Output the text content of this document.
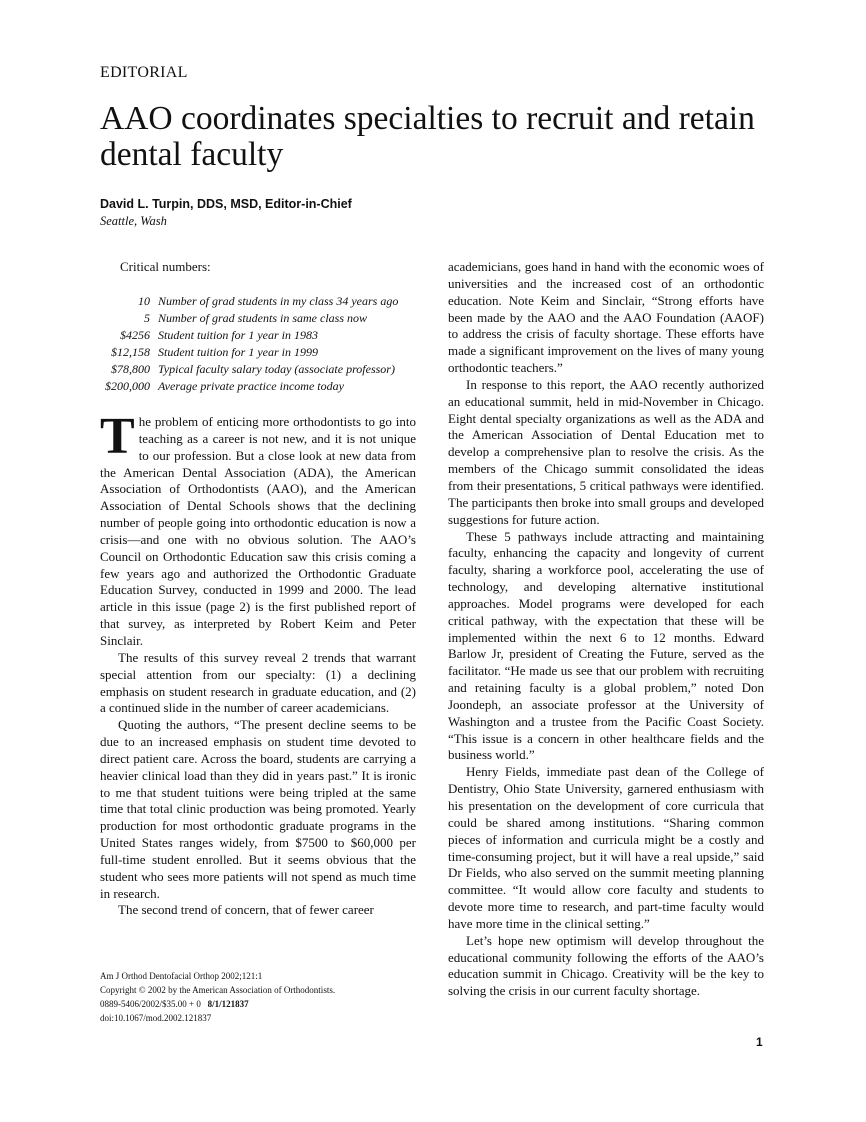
EDITORIAL
AAO coordinates specialties to recruit and retain dental faculty
David L. Turpin, DDS, MSD, Editor-in-Chief
Seattle, Wash
Critical numbers:
10	Number of grad students in my class 34 years ago
5	Number of grad students in same class now
$4256	Student tuition for 1 year in 1983
$12,158	Student tuition for 1 year in 1999
$78,800	Typical faculty salary today (associate professor)
$200,000	Average private practice income today

The problem of enticing more orthodontists to go into teaching as a career is not new, and it is not unique to our profession. But a close look at new data from the American Dental Association (ADA), the American Association of Orthodontists (AAO), and the American Association of Dental Schools shows that the declining number of people going into orthodontic education is now a crisis—and one with no obvious solution. The AAO’s Council on Orthodontic Education saw this crisis coming a few years ago and authorized the Orthodontic Graduate Education Survey, conducted in 1999 and 2000. The lead article in this issue (page 2) is the first published report of that survey, as interpreted by Robert Keim and Peter Sinclair.

The results of this survey reveal 2 trends that warrant special attention from our specialty: (1) a declining emphasis on student research in graduate education, and (2) a continued slide in the number of career academicians.

Quoting the authors, “The present decline seems to be due to an increased emphasis on student time devoted to direct patient care. Across the board, students are carrying a heavier clinical load than they did in years past.” It is ironic to me that student tuitions were being tripled at the same time that total clinic production was being promoted. Yearly production for most orthodontic graduate programs in the United States ranges widely, from $7500 to $60,000 per full-time student enrolled. But it seems obvious that the student who sees more patients will not spend as much time in research.

The second trend of concern, that of fewer career

academicians, goes hand in hand with the economic woes of universities and the increased cost of an orthodontic education. Note Keim and Sinclair, “Strong efforts have been made by the AAO and the AAO Foundation (AAOF) to address the crisis of faculty shortage. These efforts have made a significant improvement on the lives of many young orthodontic teachers.”

In response to this report, the AAO recently authorized an educational summit, held in mid-November in Chicago. Eight dental specialty organizations as well as the ADA and the American Association of Dental Education met to develop a comprehensive plan to resolve the crisis. As the members of the Chicago summit consolidated the ideas from their presentations, 5 critical pathways were identified. The participants then broke into small groups and developed suggestions for future action.

These 5 pathways include attracting and maintaining faculty, enhancing the capacity and longevity of current faculty, sharing a workforce pool, accelerating the use of technology, and developing alternative institutional approaches. Model programs were developed for each critical pathway, with the expectation that these will be implemented within the next 6 to 12 months. Edward Barlow Jr, president of Creating the Future, served as the facilitator. “He made us see that our problem with recruiting and retaining faculty is a global problem,” noted Don Joondeph, an associate professor at the University of Washington and a trustee from the Pacific Coast Society. “This issue is a concern in other healthcare fields and the business world.”

Henry Fields, immediate past dean of the College of Dentistry, Ohio State University, garnered enthusiasm with his presentation on the development of core curricula that could be shared among institutions. “Sharing common pieces of information and curricula might be a costly and time-consuming project, but it will have a real upside,” said Dr Fields, who also served on the summit meeting planning committee. “It would allow core faculty and students to devote more time to research, and part-time faculty would have more time in the clinical setting.”

Let’s hope new optimism will develop throughout the educational community following the efforts of the AAO’s education summit in Chicago. Creativity will be the key to solving the crisis in our current faculty shortage.

Am J Orthod Dentofacial Orthop 2002;121:1
Copyright © 2002 by the American Association of Orthodontists.
0889-5406/2002/$35.00 + 0 8/1/121837
doi:10.1067/mod.2002.121837
1
